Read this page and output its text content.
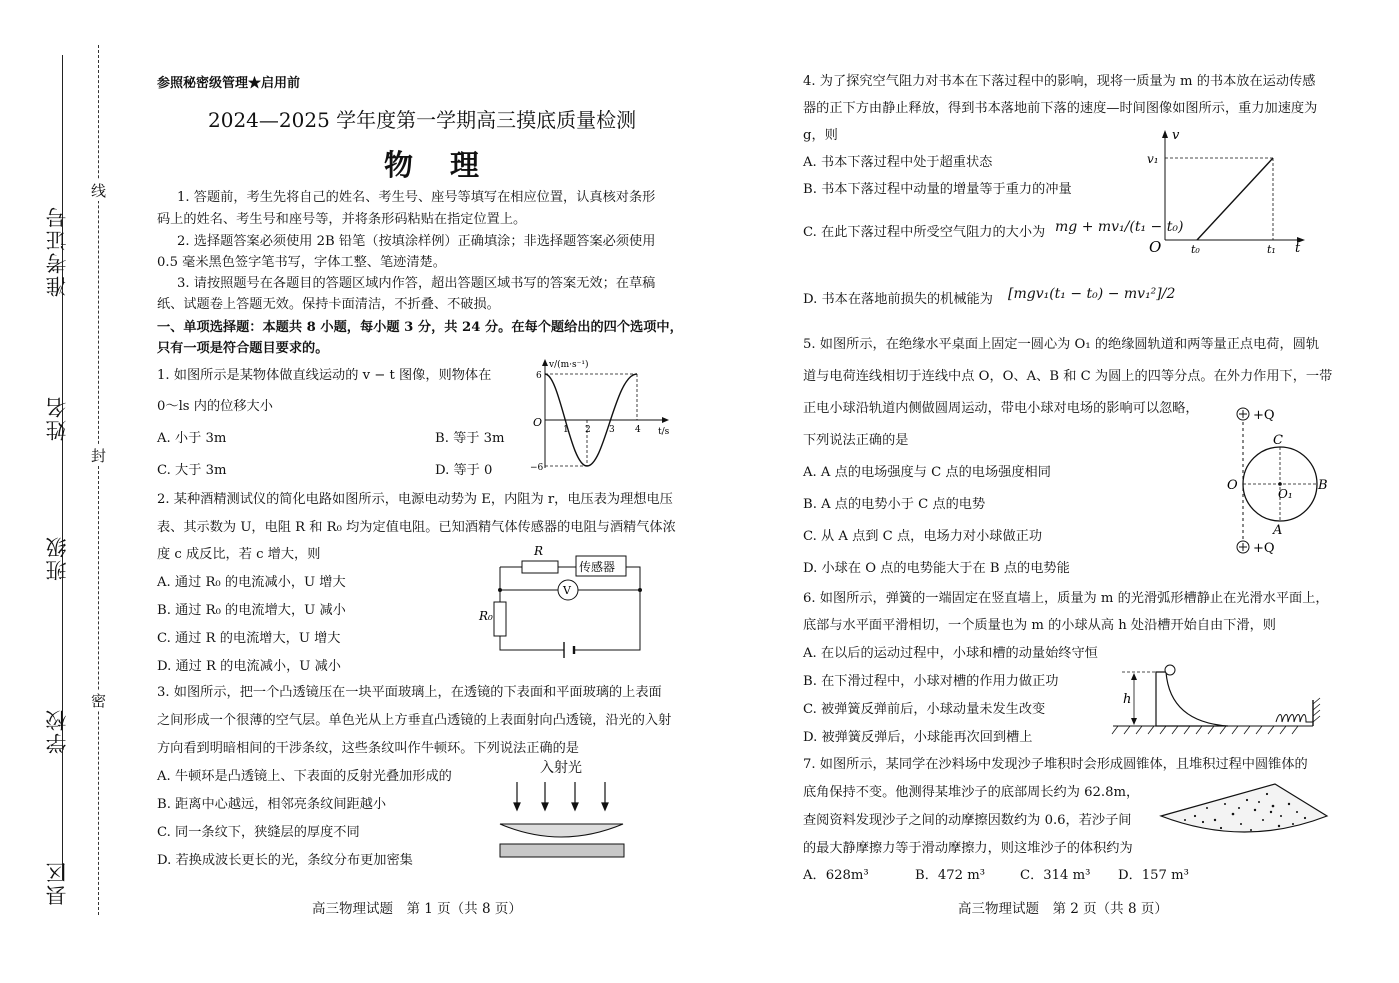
准考证号
姓名
班级
学校
县区
线
封
密
参照秘密级管理★启用前
2024—2025 学年度第一学期高三摸底质量检测
物　理
1. 答题前，考生先将自己的姓名、考生号、座号等填写在相应位置，认真核对条形
码上的姓名、考生号和座号等，并将条形码粘贴在指定位置上。
2. 选择题答案必须使用 2B 铅笔（按填涂样例）正确填涂；非选择题答案必须使用
0.5 毫米黑色签字笔书写，字体工整、笔迹清楚。
3. 请按照题号在各题目的答题区域内作答，超出答题区域书写的答案无效；在草稿
纸、试题卷上答题无效。保持卡面清洁，不折叠、不破损。
一、单项选择题：本题共 8 小题，每小题 3 分，共 24 分。在每个题给出的四个选项中，
只有一项是符合题目要求的。
1. 如图所示是某物体做直线运动的 v − t 图像，则物体在
0～ls 内的位移大小
A. 小于 3m	B. 等于 3m
C. 大于 3m	D. 等于 0
v/(m·s⁻¹)
t/s
6
−6
O
1 2 3 4
2. 某种酒精测试仪的简化电路如图所示，电源电动势为 E，内阻为 r，电压表为理想电压
表、其示数为 U，电阻 R 和 R₀ 均为定值电阻。已知酒精气体传感器的电阻与酒精气体浓
度 c 成反比，若 c 增大，则
A. 通过 R₀ 的电流减小，U 增大
B. 通过 R₀ 的电流增大，U 减小
C. 通过 R 的电流增大，U 增大
D. 通过 R 的电流减小，U 减小
传感器
R
V
R₀
3. 如图所示，把一个凸透镜压在一块平面玻璃上，在透镜的下表面和平面玻璃的上表面
之间形成一个很薄的空气层。单色光从上方垂直凸透镜的上表面射向凸透镜，沿光的入射
方向看到明暗相间的干涉条纹，这些条纹叫作牛顿环。下列说法正确的是
A. 牛顿环是凸透镜上、下表面的反射光叠加形成的
B. 距离中心越远，相邻亮条纹间距越小
C. 同一条纹下，狭缝层的厚度不同
D. 若换成波长更长的光，条纹分布更加密集
入射光
高三物理试题　第 1 页（共 8 页）
4. 为了探究空气阻力对书本在下落过程中的影响，现将一质量为 m 的书本放在运动传感
器的正下方由静止释放，得到书本落地前下落的速度—时间图像如图所示，重力加速度为
g，则
A. 书本下落过程中处于超重状态
B. 书本下落过程中动量的增量等于重力的冲量
C. 在此下落过程中所受空气阻力的大小为 mg + mv₁/(t₁ − t₀)
D. 书本在落地前损失的机械能为 [mgv₁(t₁ − t₀) − mv₁²]/2
v
v₁
O	t₀	t₁ t
5. 如图所示，在绝缘水平桌面上固定一圆心为 O₁ 的绝缘圆轨道和两等量正点电荷，圆轨
道与电荷连线相切于连线中点 O，O、A、B 和 C 为圆上的四等分点。在外力作用下，一带
正电小球沿轨道内侧做圆周运动，带电小球对电场的影响可以忽略，
下列说法正确的是
A. A 点的电场强度与 C 点的电场强度相同
B. A 点的电势小于 C 点的电势
C. 从 A 点到 C 点，电场力对小球做正功
D. 小球在 O 点的电势能大于在 B 点的电势能
+Q
+Q
C
O
O₁
B
A
6. 如图所示，弹簧的一端固定在竖直墙上，质量为 m 的光滑弧形槽静止在光滑水平面上，
底部与水平面平滑相切，一个质量也为 m 的小球从高 h 处沿槽开始自由下滑，则
A. 在以后的运动过程中，小球和槽的动量始终守恒
B. 在下滑过程中，小球对槽的作用力做正功
C. 被弹簧反弹前后，小球动量未发生改变
D. 被弹簧反弹后，小球能再次回到槽上
h
7. 如图所示，某同学在沙料场中发现沙子堆积时会形成圆锥体，且堆积过程中圆锥体的
底角保持不变。他测得某堆沙子的底部周长约为 62.8m，
查阅资料发现沙子之间的动摩擦因数约为 0.6，若沙子间
的最大静摩擦力等于滑动摩擦力，则这堆沙子的体积约为
A．628m³	B．472 m³	C．314 m³ D．157 m³
高三物理试题　第 2 页（共 8 页）
